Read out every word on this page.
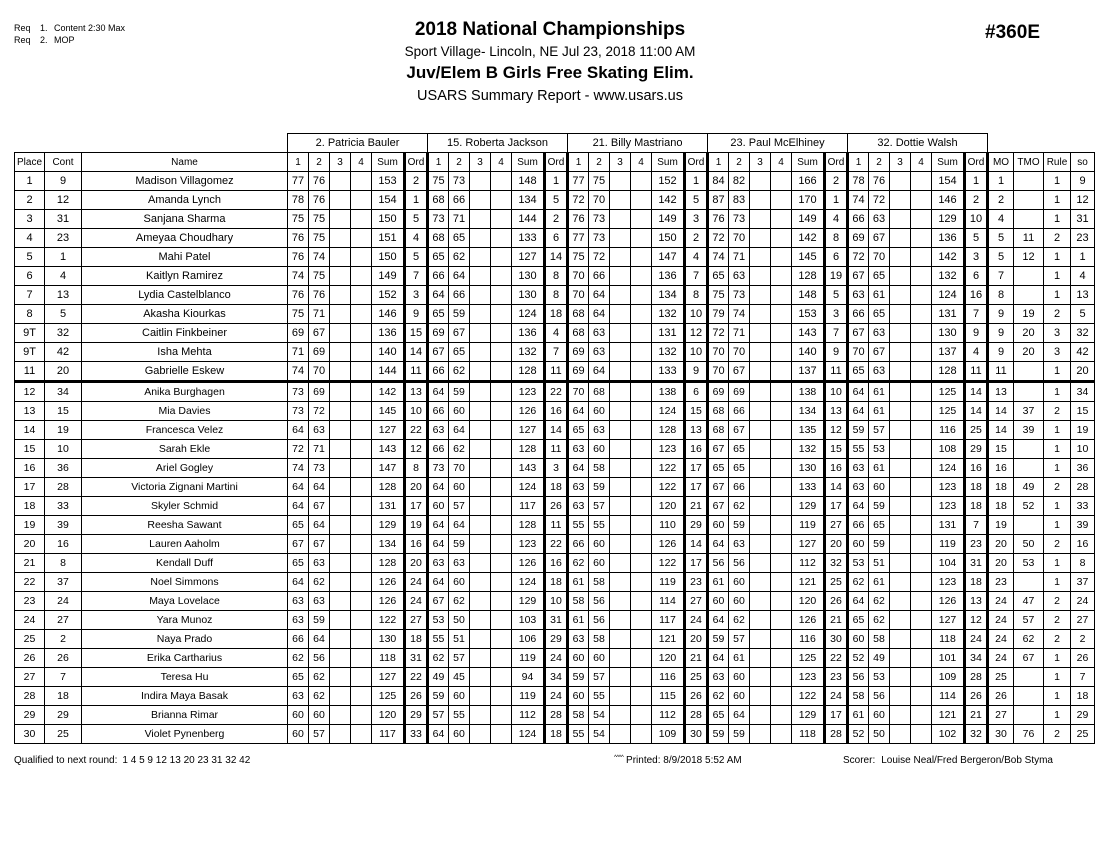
Req 1. Content 2:30 Max
Req 2. MOP	2018 National Championships
Sport Village- Lincoln, NE Jul 23, 2018 11:00 AM
Juv/Elem B Girls Free Skating Elim.
USARS Summary Report - www.usars.us
#360E
			2. Patricia Bauler						15. Roberta Jackson						21. Billy Mastriano						23. Paul McElhiney						32. Dottie Walsh									
Place	Cont	Name	1	2	3	4	Sum	Ord	1	2	3	4	Sum	Ord	1	2	3	4	Sum	Ord	1	2	3	4	Sum	Ord	1	2	3	4	Sum	Ord	MO	TMO	Rule	so
1	9	Madison Villagomez	77	76			153	2	75	73			148	1	77	75			152	1	84	82			166	2	78	76			154	1	1		1	9
2	12	Amanda Lynch	78	76			154	1	68	66			134	5	72	70			142	5	87	83			170	1	74	72			146	2	2		1	12
3	31	Sanjana Sharma	75	75			150	5	73	71			144	2	76	73			149	3	76	73			149	4	66	63			129	10	4		1	31
4	23	Ameyaa Choudhary	76	75			151	4	68	65			133	6	77	73			150	2	72	70			142	8	69	67			136	5	5	11	2	23
5	1	Mahi Patel	76	74			150	5	65	62			127	14	75	72			147	4	74	71			145	6	72	70			142	3	5	12	1	1
6	4	Kaitlyn Ramirez	74	75			149	7	66	64			130	8	70	66			136	7	65	63			128	19	67	65			132	6	7		1	4
7	13	Lydia Castelblanco	76	76			152	3	64	66			130	8	70	64			134	8	75	73			148	5	63	61			124	16	8		1	13
8	5	Akasha Kiourkas	75	71			146	9	65	59			124	18	68	64			132	10	79	74			153	3	66	65			131	7	9	19	2	5
9T	32	Caitlin Finkbeiner	69	67			136	15	69	67			136	4	68	63			131	12	72	71			143	7	67	63			130	9	9	20	3	32
9T	42	Isha Mehta	71	69			140	14	67	65			132	7	69	63			132	10	70	70			140	9	70	67			137	4	9	20	3	42
11	20	Gabrielle Eskew	74	70			144	11	66	62			128	11	69	64			133	9	70	67			137	11	65	63			128	11	11		1	20
12	34	Anika Burghagen	73	69			142	13	64	59			123	22	70	68			138	6	69	69			138	10	64	61			125	14	13		1	34
13	15	Mia Davies	73	72			145	10	66	60			126	16	64	60			124	15	68	66			134	13	64	61			125	14	14	37	2	15
14	19	Francesca Velez	64	63			127	22	63	64			127	14	65	63			128	13	68	67			135	12	59	57			116	25	14	39	1	19
15	10	Sarah Ekle	72	71			143	12	66	62			128	11	63	60			123	16	67	65			132	15	55	53			108	29	15		1	10
16	36	Ariel Gogley	74	73			147	8	73	70			143	3	64	58			122	17	65	65			130	16	63	61			124	16	16		1	36
17	28	Victoria Zignani Martini	64	64			128	20	64	60			124	18	63	59			122	17	67	66			133	14	63	60			123	18	18	49	2	28
18	33	Skyler Schmid	64	67			131	17	60	57			117	26	63	57			120	21	67	62			129	17	64	59			123	18	18	52	1	33
19	39	Reesha Sawant	65	64			129	19	64	64			128	11	55	55			110	29	60	59			119	27	66	65			131	7	19		1	39
20	16	Lauren Aaholm	67	67			134	16	64	59			123	22	66	60			126	14	64	63			127	20	60	59			119	23	20	50	2	16
21	8	Kendall Duff	65	63			128	20	63	63			126	16	62	60			122	17	56	56			112	32	53	51			104	31	20	53	1	8
22	37	Noel Simmons	64	62			126	24	64	60			124	18	61	58			119	23	61	60			121	25	62	61			123	18	23		1	37
23	24	Maya Lovelace	63	63			126	24	67	62			129	10	58	56			114	27	60	60			120	26	64	62			126	13	24	47	2	24
24	27	Yara Munoz	63	59			122	27	53	50			103	31	61	56			117	24	64	62			126	21	65	62			127	12	24	57	2	27
25	2	Naya Prado	66	64			130	18	55	51			106	29	63	58			121	20	59	57			116	30	60	58			118	24	24	62	2	2
26	26	Erika Cartharius	62	56			118	31	62	57			119	24	60	60			120	21	64	61			125	22	52	49			101	34	24	67	1	26
27	7	Teresa Hu	65	62			127	22	49	45			94	34	59	57			116	25	63	60			123	23	56	53			109	28	25		1	7
28	18	Indira Maya Basak	63	62			125	26	59	60			119	24	60	55			115	26	62	60			122	24	58	56			114	26	26		1	18
29	29	Brianna Rimar	60	60			120	29	57	55			112	28	58	54			112	28	65	64			129	17	61	60			121	21	27		1	29
30	25	Violet Pynenberg	60	57			117	33	64	60			124	18	55	54			109	30	59	59			118	28	52	50			102	32	30	76	2	25
Qualified to next round: 1 4 5 9 12 13 20 23 31 32 42	^^^^ Printed: 8/9/2018 5:52 AM	Scorer: Louise Neal/Fred Bergeron/Bob Styma
